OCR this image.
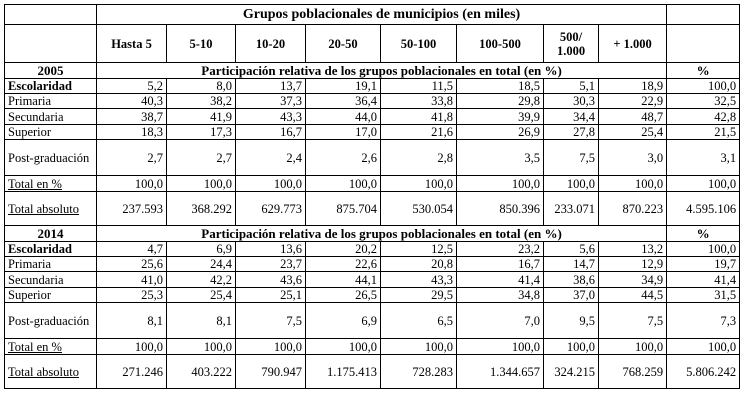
	Grupos poblacionales de municipios (en miles)								
	Hasta 5	5-10	10-20	20-50	50-100	100-500	500/ 1.000	+ 1.000	
2005	Participación relativa de los grupos poblacionales en total (en %)								%
Escolaridad	5,2	8,0	13,7	19,1	11,5	18,5	5,1	18,9	100,0
Primaria	40,3	38,2	37,3	36,4	33,8	29,8	30,3	22,9	32,5
Secundaria	38,7	41,9	43,3	44,0	41,8	39,9	34,4	48,7	42,8
Superior	18,3	17,3	16,7	17,0	21,6	26,9	27,8	25,4	21,5
Post-graduación	2,7	2,7	2,4	2,6	2,8	3,5	7,5	3,0	3,1
Total en %	100,0	100,0	100,0	100,0	100,0	100,0	100,0	100,0	100,0
Total absoluto	237.593	368.292	629.773	875.704	530.054	850.396	233.071	870.223	4.595.106
2014	Participación relativa de los grupos poblacionales en total (en %)								%
Escolaridad	4,7	6,9	13,6	20,2	12,5	23,2	5,6	13,2	100,0
Primaria	25,6	24,4	23,7	22,6	20,8	16,7	14,7	12,9	19,7
Secundaria	41,0	42,2	43,6	44,1	43,3	41,4	38,6	34,9	41,4
Superior	25,3	25,4	25,1	26,5	29,5	34,8	37,0	44,5	31,5
Post-graduación	8,1	8,1	7,5	6,9	6,5	7,0	9,5	7,5	7,3
Total en %	100,0	100,0	100,0	100,0	100,0	100,0	100,0	100,0	100,0
Total absoluto	271.246	403.222	790.947	1.175.413	728.283	1.344.657	324.215	768.259	5.806.242
